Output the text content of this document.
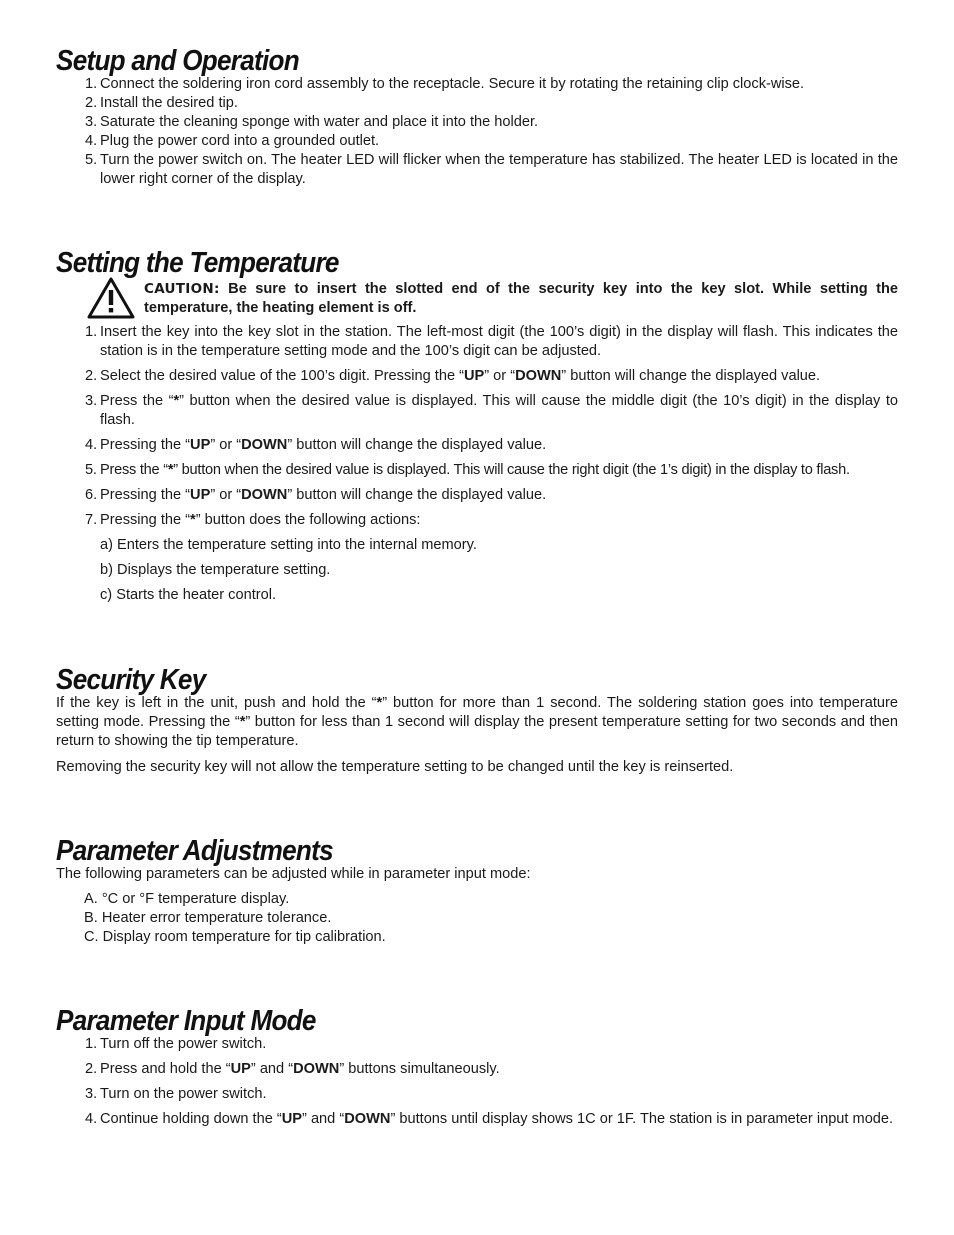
Setup and Operation
1. Connect the soldering iron cord assembly to the receptacle. Secure it by rotating the retaining clip clock-wise.
2. Install the desired tip.
3. Saturate the cleaning sponge with water and place it into the holder.
4. Plug the power cord into a grounded outlet.
5. Turn the power switch on. The heater LED will flicker when the temperature has stabilized. The heater LED is located in the lower right corner of the display.
Setting the Temperature
CAUTION: Be sure to insert the slotted end of the security key into the key slot. While setting the temperature, the heating element is off.
1. Insert the key into the key slot in the station. The left-most digit (the 100’s digit) in the display will flash. This indicates the station is in the temperature setting mode and the 100’s digit can be adjusted.
2. Select the desired value of the 100’s digit. Pressing the “UP” or “DOWN” button will change the displayed value.
3. Press the “*” button when the desired value is displayed. This will cause the middle digit (the 10’s digit) in the display to flash.
4. Pressing the “UP” or “DOWN” button will change the displayed value.
5. Press the “*” button when the desired value is displayed. This will cause the right digit (the 1’s digit) in the display to flash.
6. Pressing the “UP” or “DOWN” button will change the displayed value.
7. Pressing the “*” button does the following actions:
a) Enters the temperature setting into the internal memory.
b) Displays the temperature setting.
c) Starts the heater control.
Security Key

If the key is left in the unit, push and hold the “*” button for more than 1 second. The soldering station goes into temperature setting mode. Pressing the “*” button for less than 1 second will display the present temperature setting for two seconds and then return to showing the tip temperature.

Removing the security key will not allow the temperature setting to be changed until the key is reinserted.

Parameter Adjustments

The following parameters can be adjusted while in parameter input mode:

A. °C or °F temperature display.
B. Heater error temperature tolerance.
C. Display room temperature for tip calibration.
Parameter Input Mode
1. Turn off the power switch.
2. Press and hold the “UP” and “DOWN” buttons simultaneously.
3. Turn on the power switch.
4. Continue holding down the “UP” and “DOWN” buttons until display shows 1C or 1F. The station is in parameter input mode.
